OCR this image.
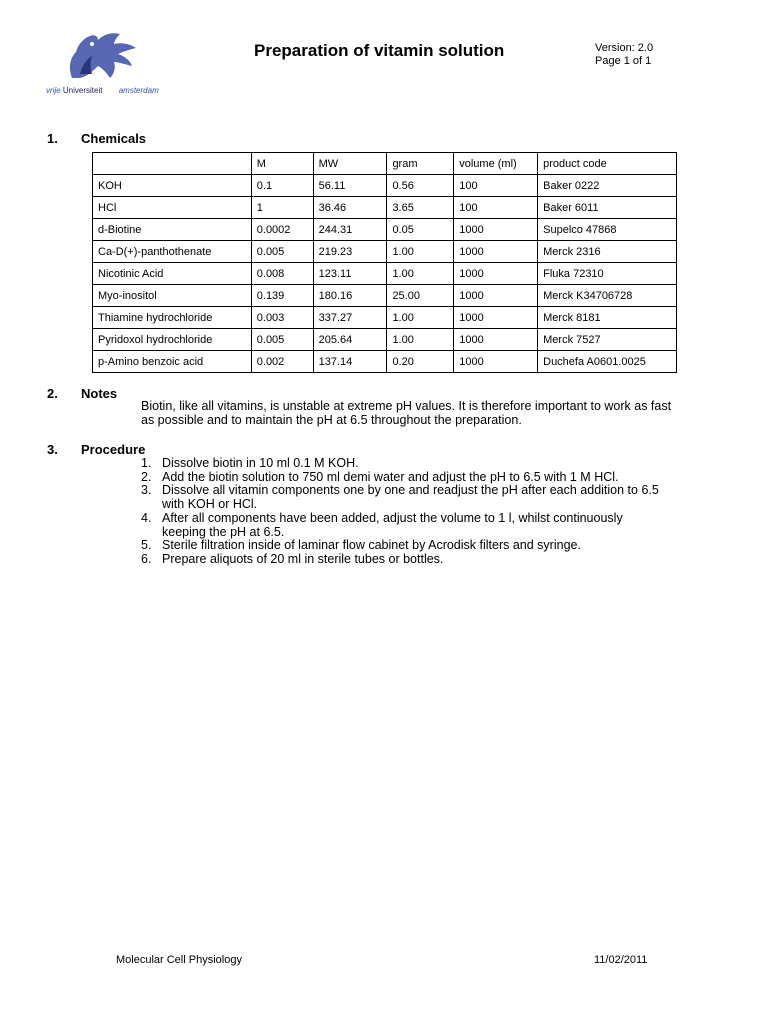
vrije Universiteit amsterdam
Preparation of vitamin solution	Version: 2.0
Page 1 of 1
1. Chemicals
	M	MW	gram	volume (ml)	product code
KOH	0.1	56.11	0.56	100	Baker 0222
HCl	1	36.46	3.65	100	Baker 6011
d-Biotine	0.0002	244.31	0.05	1000	Supelco 47868
Ca-D(+)-panthothenate	0.005	219.23	1.00	1000	Merck 2316
Nicotinic Acid	0.008	123.11	1.00	1000	Fluka 72310
Myo-inositol	0.139	180.16	25.00	1000	Merck K34706728
Thiamine hydrochloride	0.003	337.27	1.00	1000	Merck 8181
Pyridoxol hydrochloride	0.005	205.64	1.00	1000	Merck 7527
p-Amino benzoic acid	0.002	137.14	0.20	1000	Duchefa A0601.0025
2. Notes
Biotin, like all vitamins, is unstable at extreme pH values. It is therefore important to work as fast as possible and to maintain the pH at 6.5 throughout the preparation.
3. Procedure
1. Dissolve biotin in 10 ml 0.1 M KOH.
2. Add the biotin solution to 750 ml demi water and adjust the pH to 6.5 with 1 M HCl.
3. Dissolve all vitamin components one by one and readjust the pH after each addition to 6.5 with KOH or HCl.
4. After all components have been added, adjust the volume to 1 l, whilst continuously keeping the pH at 6.5.
5. Sterile filtration inside of laminar flow cabinet by Acrodisk filters and syringe.
6. Prepare aliquots of 20 ml in sterile tubes or bottles.
Molecular Cell Physiology	11/02/2011
